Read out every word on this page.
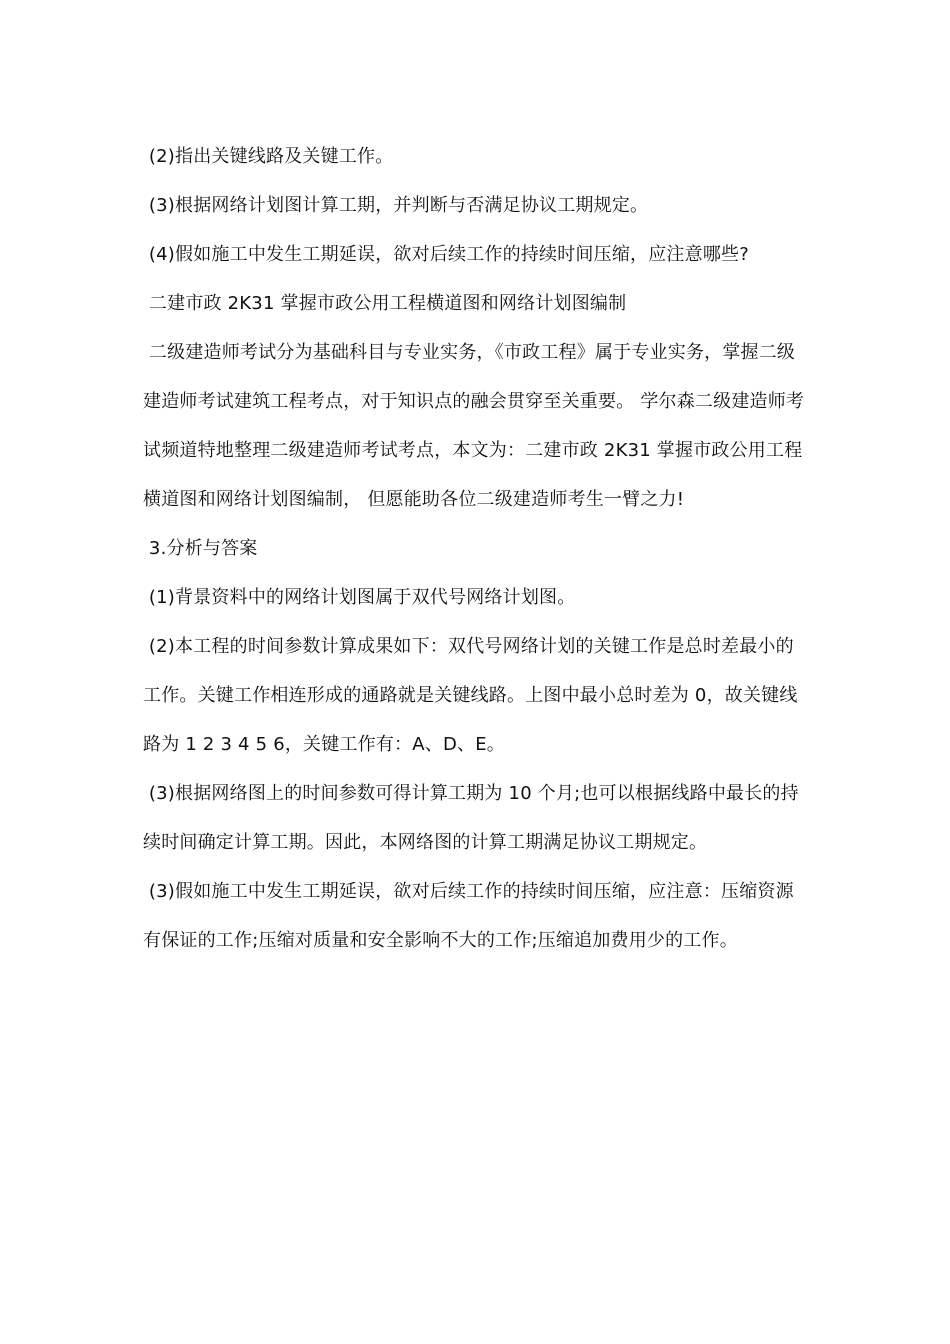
(2)指出关键线路及关键工作。

(3)根据网络计划图计算工期，并判断与否满足协议工期规定。

(4)假如施工中发生工期延误，欲对后续工作的持续时间压缩，应注意哪些?

二建市政 2K31 掌握市政公用工程横道图和网络计划图编制

二级建造师考试分为基础科目与专业实务，《市政工程》属于专业实务，掌握二级建造师考试建筑工程考点，对于知识点的融会贯穿至关重要。 学尔森二级建造师考试频道特地整理二级建造师考试考点，本文为：二建市政 2K31 掌握市政公用工程横道图和网络计划图编制， 但愿能助各位二级建造师考生一臂之力!

3.分析与答案

(1)背景资料中的网络计划图属于双代号网络计划图。

(2)本工程的时间参数计算成果如下：双代号网络计划的关键工作是总时差最小的工作。关键工作相连形成的通路就是关键线路。上图中最小总时差为 0，故关键线路为 1 2 3 4 5 6，关键工作有：A、D、E。

(3)根据网络图上的时间参数可得计算工期为 10 个月;也可以根据线路中最长的持续时间确定计算工期。因此，本网络图的计算工期满足协议工期规定。

(3)假如施工中发生工期延误，欲对后续工作的持续时间压缩，应注意：压缩资源有保证的工作;压缩对质量和安全影响不大的工作;压缩追加费用少的工作。
